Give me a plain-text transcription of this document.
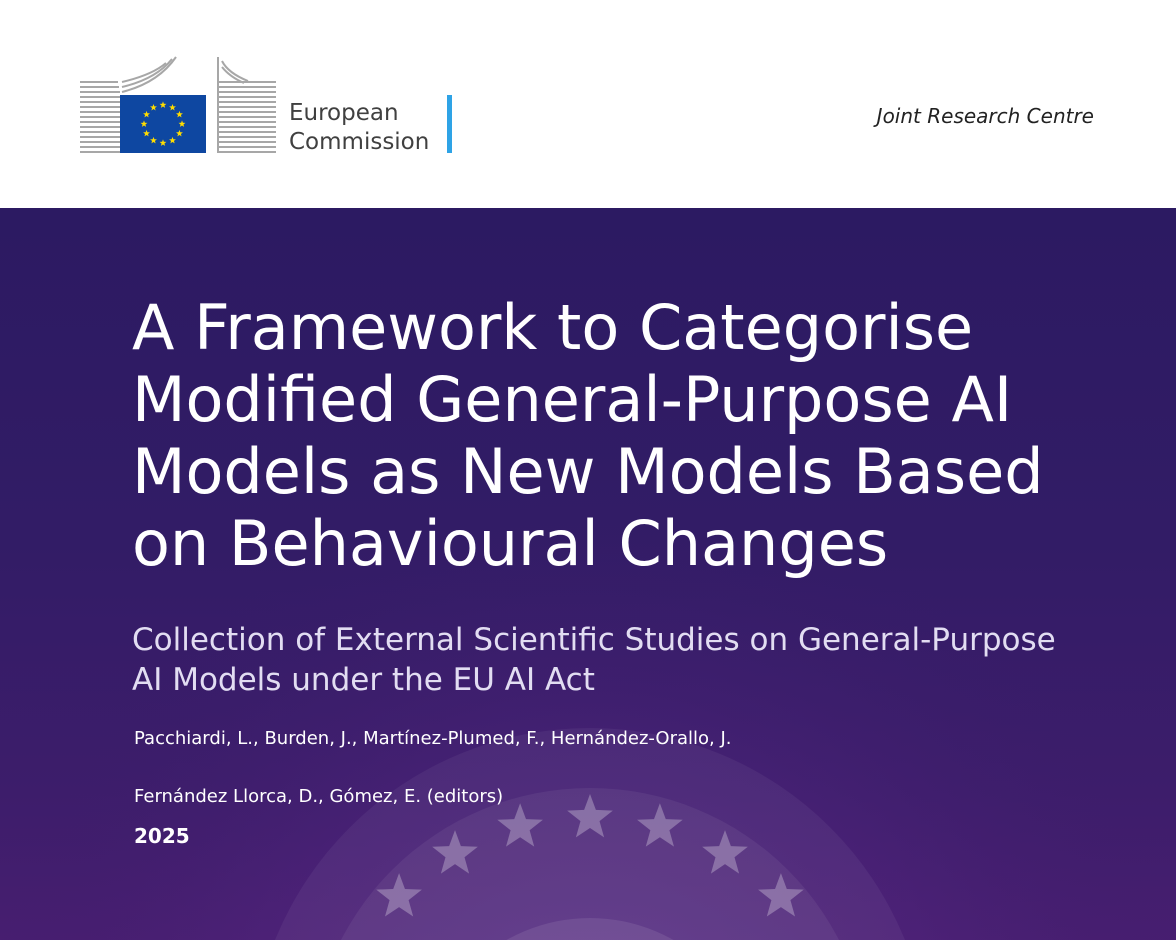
European
Commission
Joint Research Centre
A Framework to Categorise
Modified General-Purpose AI
Models as New Models Based
on Behavioural Changes
Collection of External Scientific Studies on General-Purpose
AI Models under the EU AI Act
Pacchiardi, L., Burden, J., Martínez-Plumed, F., Hernández-Orallo, J.
Fernández Llorca, D., Gómez, E. (editors)
2025
